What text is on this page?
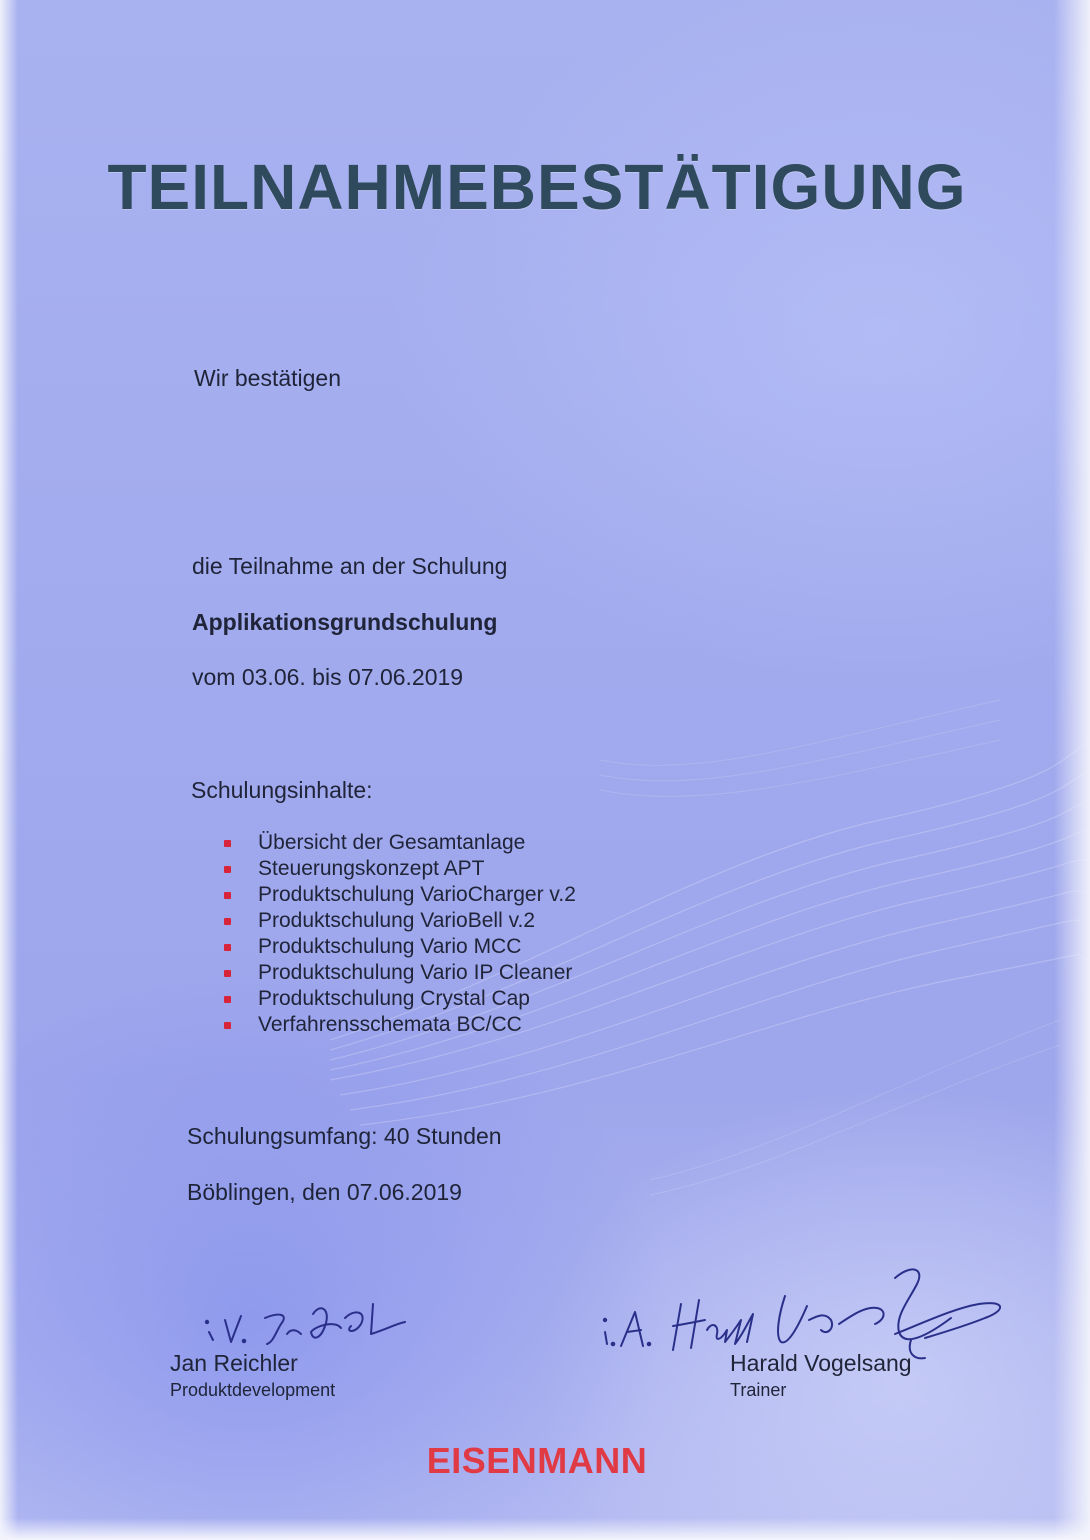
TEILNAHMEBESTÄTIGUNG
Wir bestätigen
die Teilnahme an der Schulung
Applikationsgrundschulung
vom 03.06. bis 07.06.2019
Schulungsinhalte:
Übersicht der Gesamtanlage
Steuerungskonzept APT
Produktschulung VarioCharger v.2
Produktschulung VarioBell v.2
Produktschulung Vario MCC
Produktschulung Vario IP Cleaner
Produktschulung Crystal Cap
Verfahrensschemata BC/CC
Schulungsumfang: 40 Stunden
Böblingen, den 07.06.2019
Jan Reichler
Produktdevelopment
Harald Vogelsang
Trainer
EISENMANN
